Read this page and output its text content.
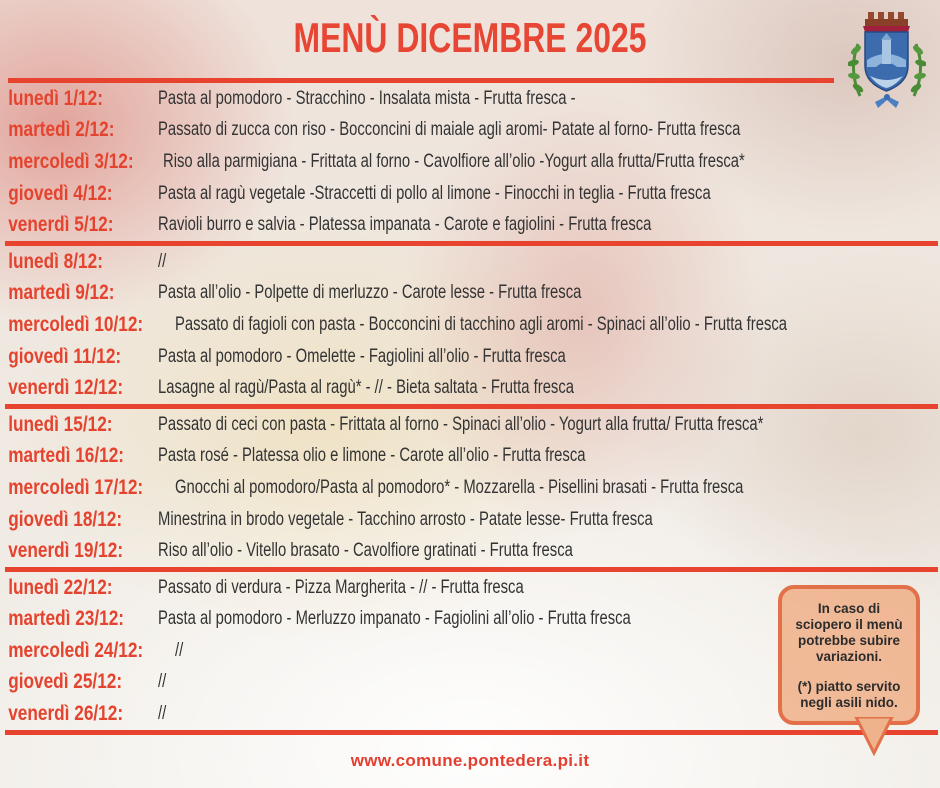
MENÙ DICEMBRE 2025
lunedì 1/12:	Pasta al pomodoro - Stracchino - Insalata mista - Frutta fresca -
martedì 2/12:	Passato di zucca con riso - Bocconcini di maiale agli aromi- Patate al forno- Frutta fresca
mercoledì 3/12: Riso alla parmigiana - Frittata al forno - Cavolfiore all’olio -Yogurt alla frutta/Frutta fresca*
giovedì 4/12:	Pasta al ragù vegetale -Straccetti di pollo al limone - Finocchi in teglia - Frutta fresca
venerdì 5/12:	Ravioli burro e salvia - Platessa impanata - Carote e fagiolini - Frutta fresca
lunedì 8/12:	//
martedì 9/12:	Pasta all’olio - Polpette di merluzzo - Carote lesse - Frutta fresca
mercoledì 10/12: Passato di fagioli con pasta - Bocconcini di tacchino agli aromi - Spinaci all’olio - Frutta fresca
giovedì 11/12:	Pasta al pomodoro - Omelette - Fagiolini all’olio - Frutta fresca
venerdì 12/12:	Lasagne al ragù/Pasta al ragù* - // - Bieta saltata - Frutta fresca
lunedì 15/12:	Passato di ceci con pasta - Frittata al forno - Spinaci all’olio - Yogurt alla frutta/ Frutta fresca*
martedì 16/12: Pasta rosé - Platessa olio e limone - Carote all’olio - Frutta fresca
mercoledì 17/12: Gnocchi al pomodoro/Pasta al pomodoro* - Mozzarella - Pisellini brasati - Frutta fresca
giovedì 18/12:	Minestrina in brodo vegetale - Tacchino arrosto - Patate lesse- Frutta fresca
venerdì 19/12:	Riso all’olio - Vitello brasato - Cavolfiore gratinati - Frutta fresca
lunedì 22/12:	Passato di verdura - Pizza Margherita - // - Frutta fresca
martedì 23/12: Pasta al pomodoro - Merluzzo impanato - Fagiolini all’olio - Frutta fresca
mercoledì 24/12: //
giovedì 25/12:	//
venerdì 26/12:	//
www.comune.pontedera.pi.it

In caso di sciopero il menù potrebbe subire variazioni.

(*) piatto servito negli asili nido.
